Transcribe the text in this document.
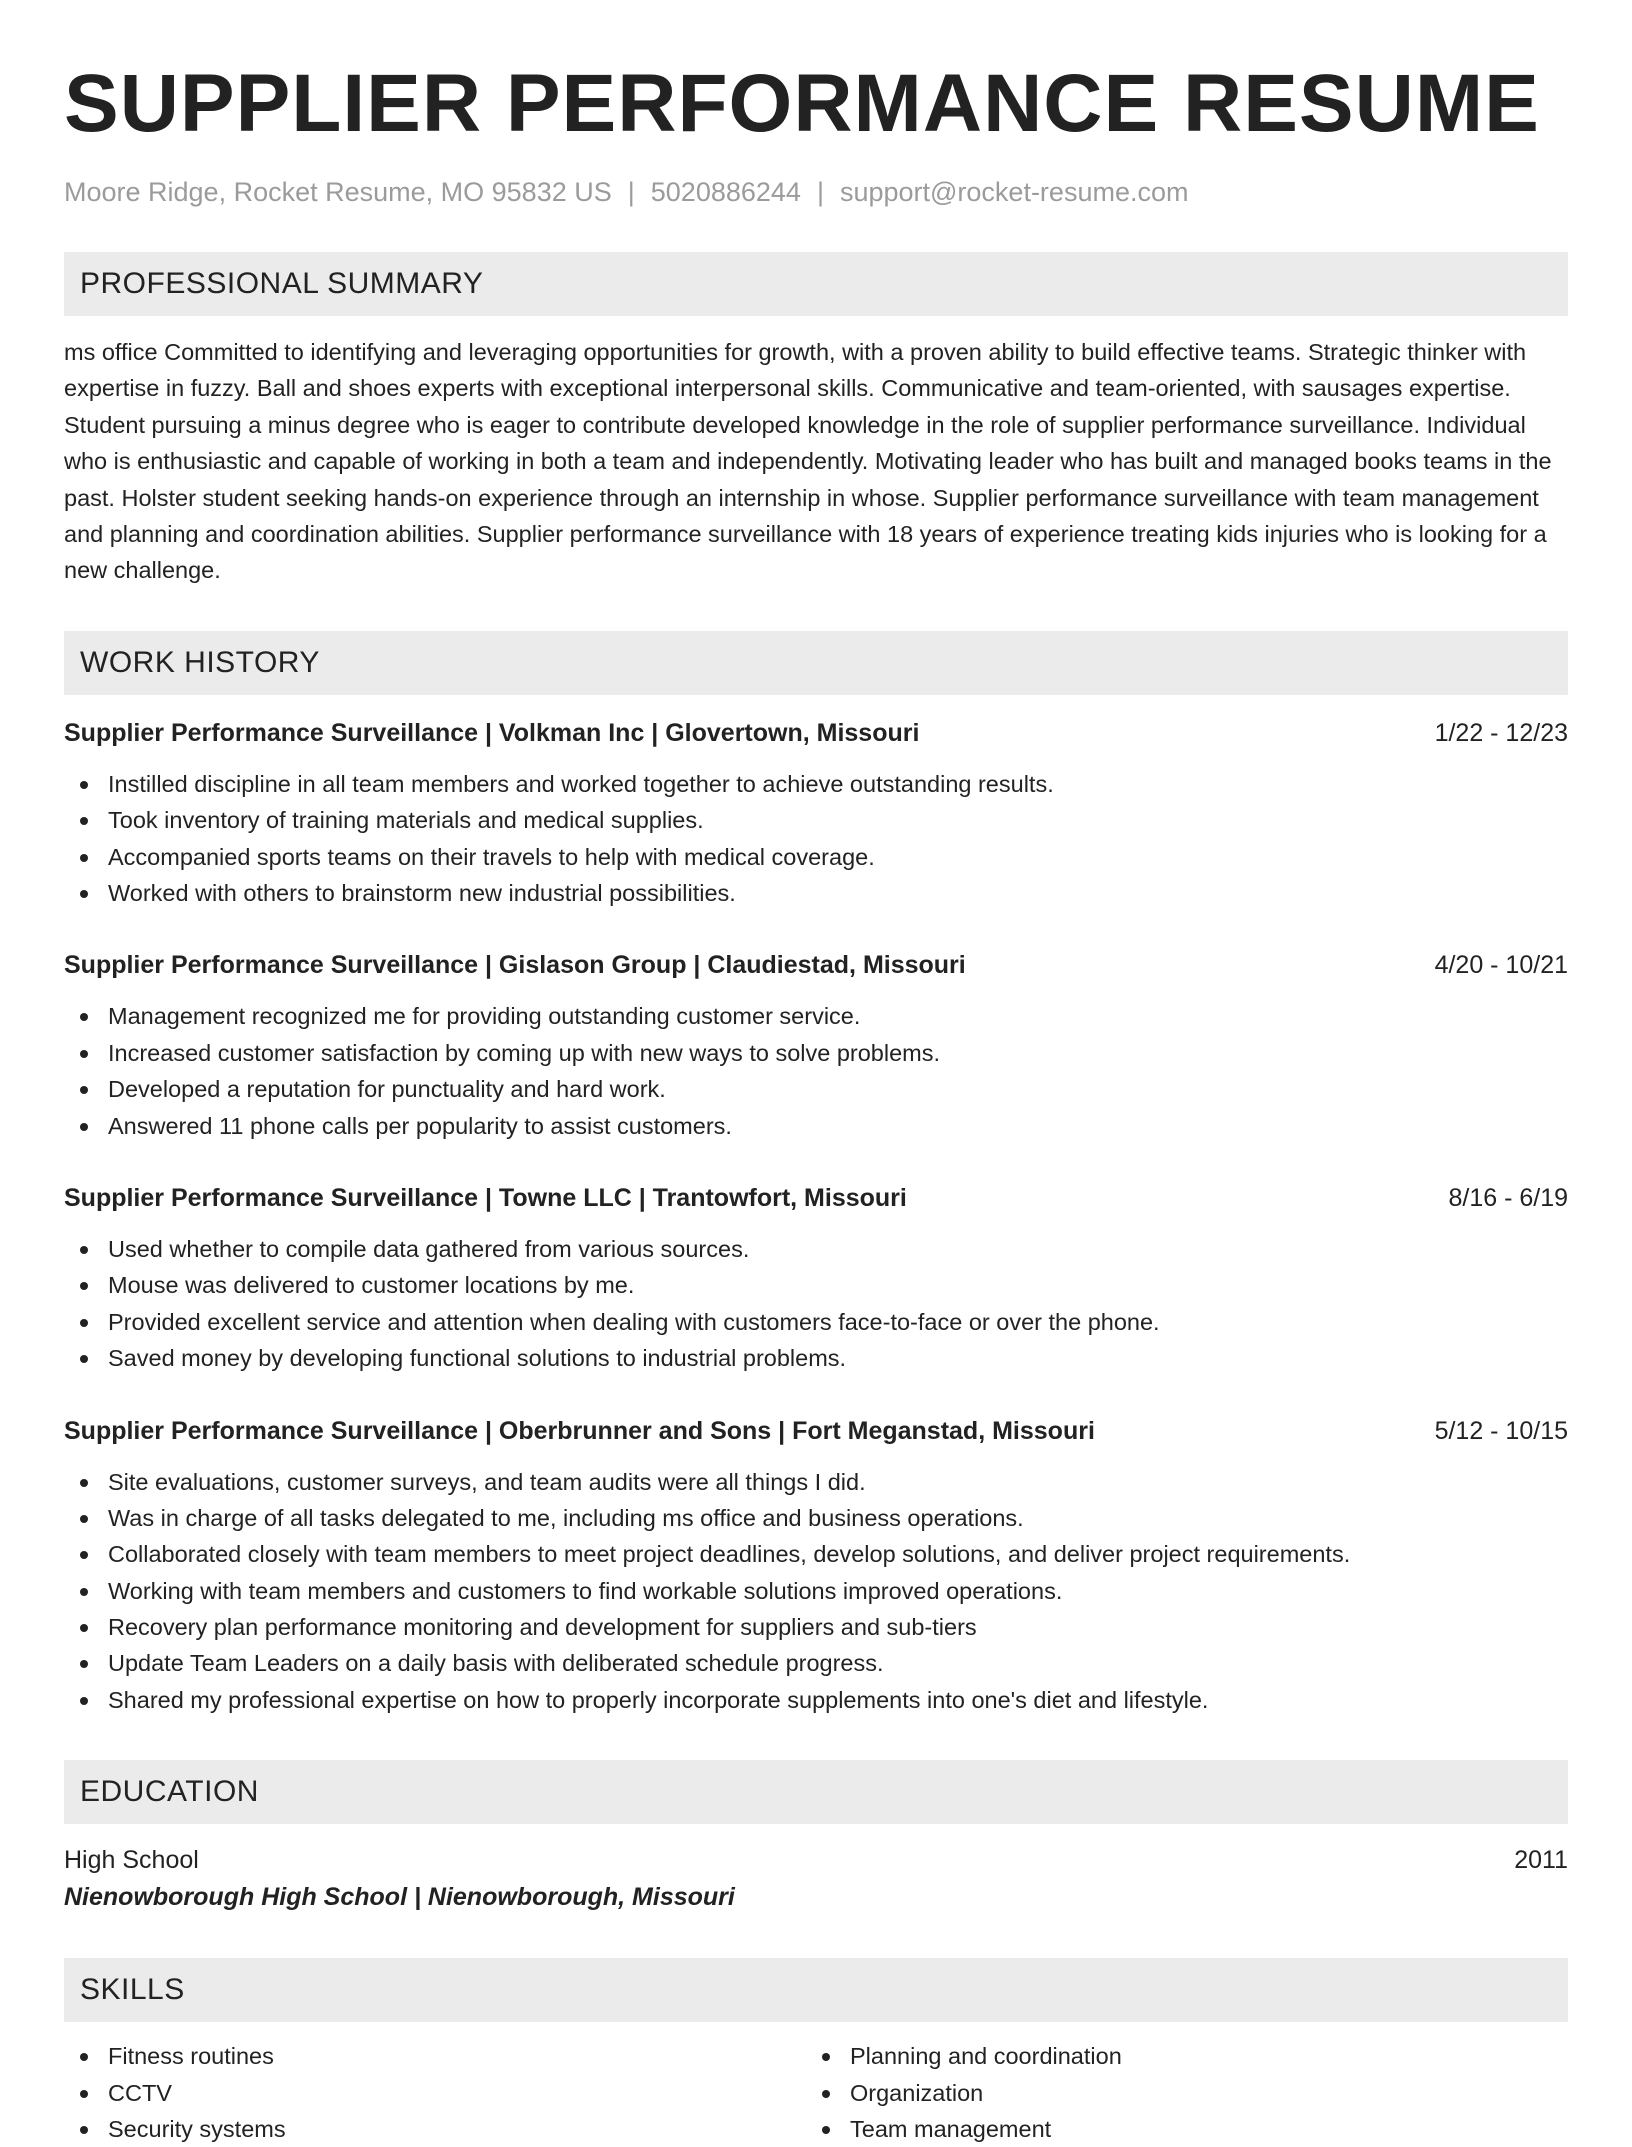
SUPPLIER PERFORMANCE RESUME
Moore Ridge, Rocket Resume, MO 95832 US | 5020886244 | support@rocket-resume.com
PROFESSIONAL SUMMARY

ms office Committed to identifying and leveraging opportunities for growth, with a proven ability to build effective teams. Strategic thinker with expertise in fuzzy. Ball and shoes experts with exceptional interpersonal skills. Communicative and team-oriented, with sausages expertise. Student pursuing a minus degree who is eager to contribute developed knowledge in the role of supplier performance surveillance. Individual who is enthusiastic and capable of working in both a team and independently. Motivating leader who has built and managed books teams in the past. Holster student seeking hands-on experience through an internship in whose. Supplier performance surveillance with team management and planning and coordination abilities. Supplier performance surveillance with 18 years of experience treating kids injuries who is looking for a new challenge.

WORK HISTORY
Supplier Performance Surveillance | Volkman Inc | Glovertown, Missouri	1/22 - 12/23
Instilled discipline in all team members and worked together to achieve outstanding results.
Took inventory of training materials and medical supplies.
Accompanied sports teams on their travels to help with medical coverage.
Worked with others to brainstorm new industrial possibilities.
Supplier Performance Surveillance | Gislason Group | Claudiestad, Missouri	4/20 - 10/21
Management recognized me for providing outstanding customer service.
Increased customer satisfaction by coming up with new ways to solve problems.
Developed a reputation for punctuality and hard work.
Answered 11 phone calls per popularity to assist customers.
Supplier Performance Surveillance | Towne LLC | Trantowfort, Missouri	8/16 - 6/19
Used whether to compile data gathered from various sources.
Mouse was delivered to customer locations by me.
Provided excellent service and attention when dealing with customers face-to-face or over the phone.
Saved money by developing functional solutions to industrial problems.
Supplier Performance Surveillance | Oberbrunner and Sons | Fort Meganstad, Missouri	5/12 - 10/15
Site evaluations, customer surveys, and team audits were all things I did.
Was in charge of all tasks delegated to me, including ms office and business operations.
Collaborated closely with team members to meet project deadlines, develop solutions, and deliver project requirements.
Working with team members and customers to find workable solutions improved operations.
Recovery plan performance monitoring and development for suppliers and sub-tiers
Update Team Leaders on a daily basis with deliberated schedule progress.
Shared my professional expertise on how to properly incorporate supplements into one's diet and lifestyle.
EDUCATION
High School	2011
Nienowborough High School | Nienowborough, Missouri
SKILLS
Fitness routines
CCTV
Security systems
Planning and coordination
Organization
Team management
